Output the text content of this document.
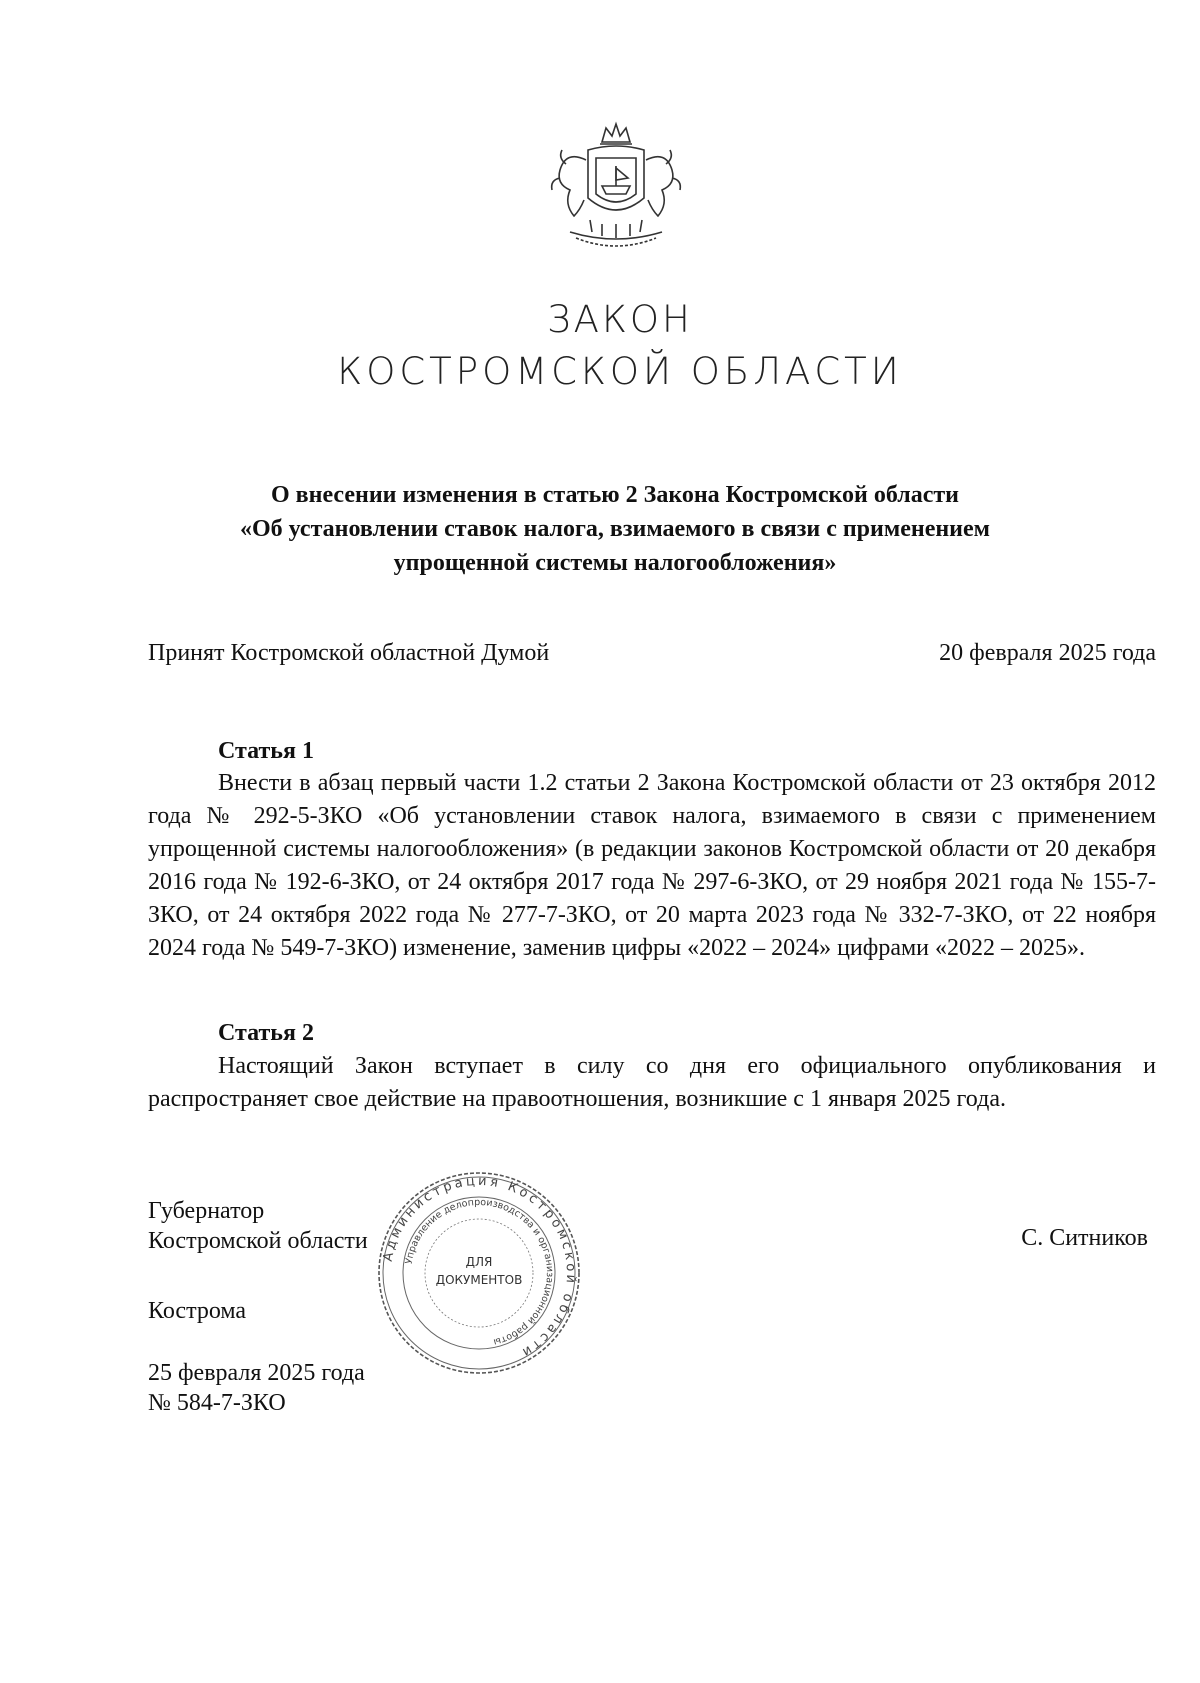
ЗАКОН
КОСТРОМСКОЙ ОБЛАСТИ
О внесении изменения в статью 2 Закона Костромской области
«Об установлении ставок налога, взимаемого в связи с применением
упрощенной системы налогообложения»
Принят Костромской областной Думой	20 февраля 2025 года
Статья 1
Внести в абзац первый части 1.2 статьи 2 Закона Костромской области от 23 октября 2012 года № 292-5-ЗКО «Об установлении ставок налога, взимаемого в связи с применением упрощенной системы налогообложения» (в редакции законов Костромской области от 20 декабря 2016 года № 192-6-ЗКО, от 24 октября 2017 года № 297-6-ЗКО, от 29 ноября 2021 года № 155-7-ЗКО, от 24 октября 2022 года № 277-7-ЗКО, от 20 марта 2023 года № 332-7-ЗКО, от 22 ноября 2024 года № 549-7-ЗКО) изменение, заменив цифры «2022 – 2024» цифрами «2022 – 2025».
Статья 2
Настоящий Закон вступает в силу со дня его официального опубликования и распространяет свое действие на правоотношения, возникшие с 1 января 2025 года.
Губернатор
Костромской области	С. Ситников
Кострома
25 февраля 2025 года
№ 584-7-ЗКО
Администрация Костромской области
Управление делопроизводства и организационной работы
ДЛЯ
ДОКУМЕНТОВ
